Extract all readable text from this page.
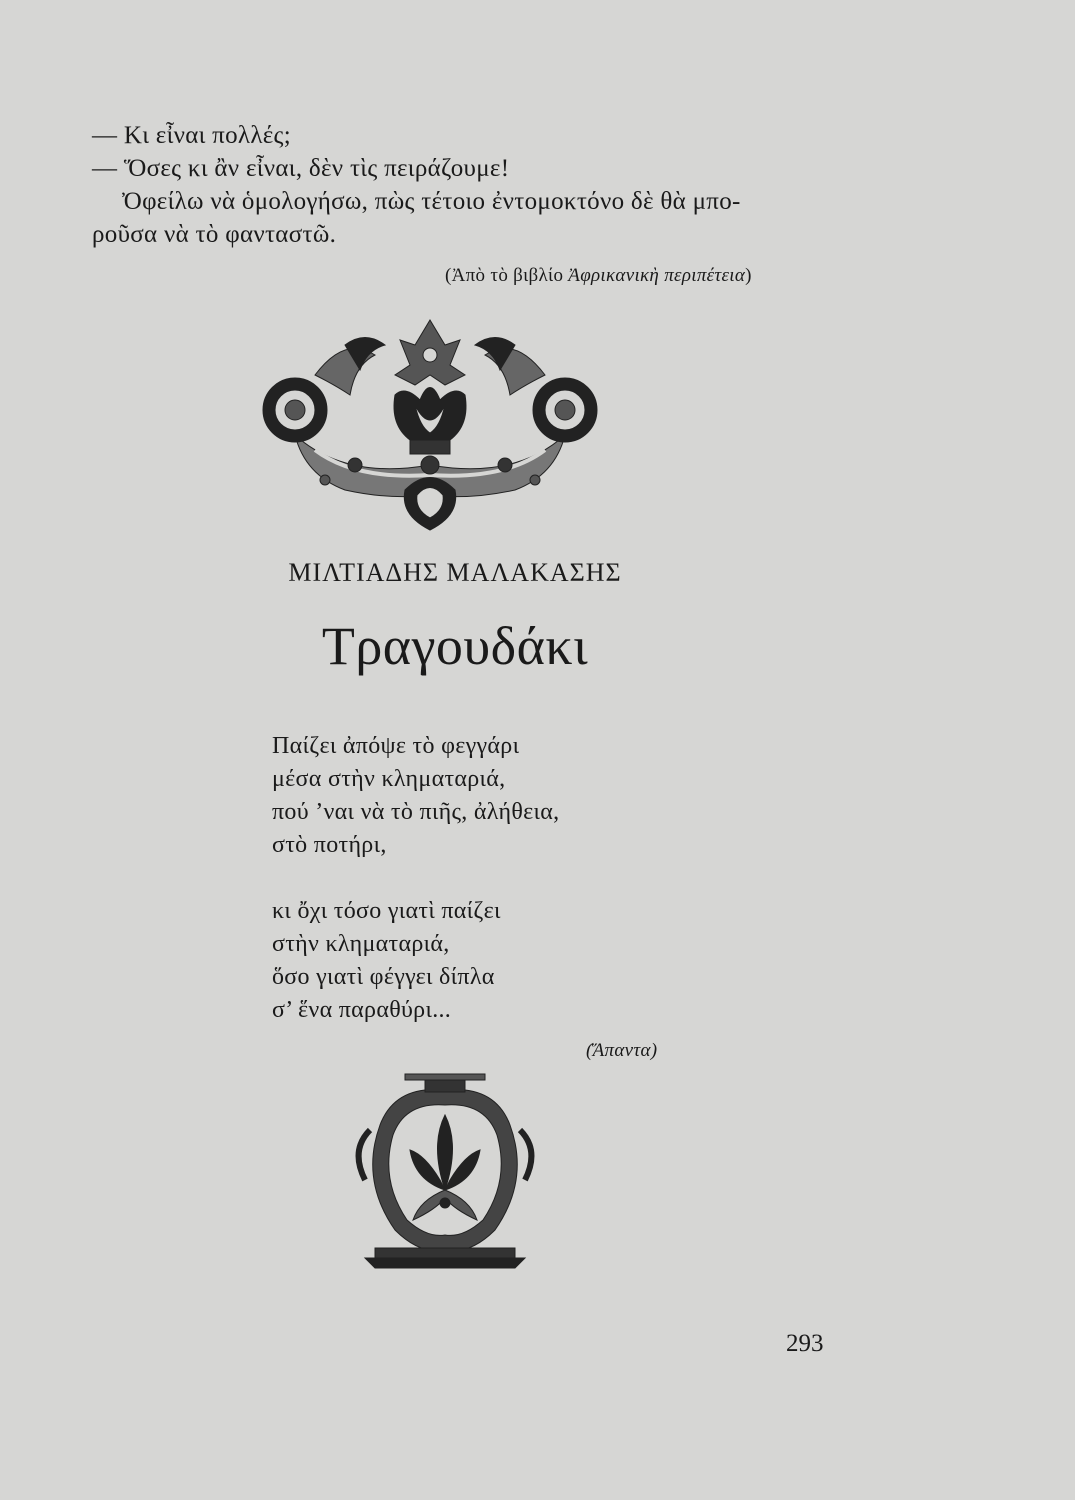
— Κι εἶναι πολλές;
— Ὅσες κι ἂν εἶναι, δὲν τὶς πειράζουμε!
Ὀφείλω νὰ ὁμολογήσω, πὼς τέτοιο ἐντομοκτόνο δὲ θὰ μπο-
ροῦσα νὰ τὸ φανταστῶ.
(Ἀπὸ τὸ βιβλίο Ἀφρικανικὴ περιπέτεια)
ΜΙΛΤΙΑΔΗΣ ΜΑΛΑΚΑΣΗΣ
Τραγουδάκι
Παίζει ἀπόψε τὸ φεγγάρι
μέσα στὴν κληματαριά,
πού ’ναι νὰ τὸ πιῆς, ἀλήθεια,
στὸ ποτήρι,
κι ὄχι τόσο γιατὶ παίζει
στὴν κληματαριά,
ὅσο γιατὶ φέγγει δίπλα
σ’ ἕνα παραθύρι...
(Ἅπαντα)
293
